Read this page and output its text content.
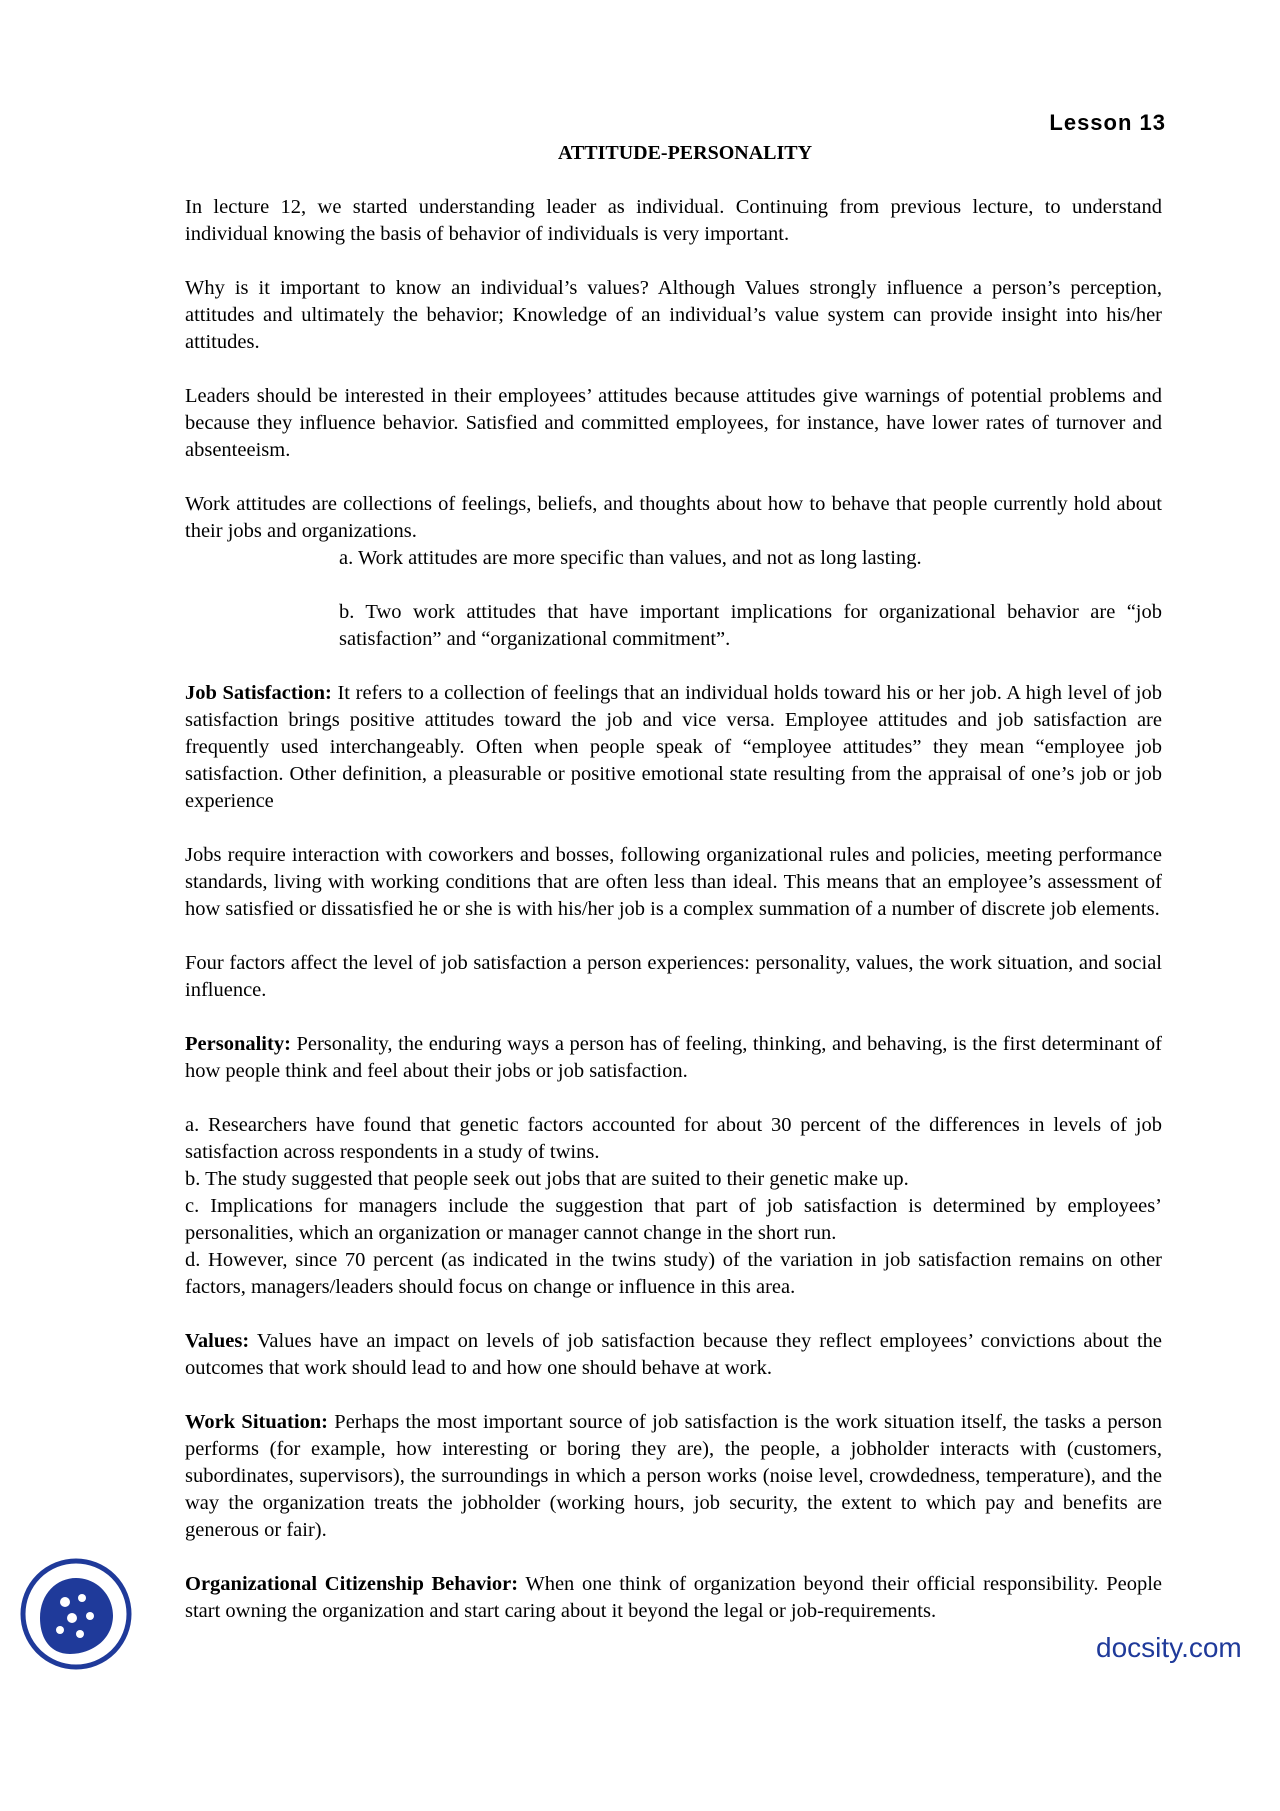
Lesson 13
ATTITUDE-PERSONALITY

In lecture 12, we started understanding leader as individual. Continuing from previous lecture, to understand individual knowing the basis of behavior of individuals is very important.

Why is it important to know an individual’s values? Although Values strongly influence a person’s perception, attitudes and ultimately the behavior; Knowledge of an individual’s value system can provide insight into his/her attitudes.

Leaders should be interested in their employees’ attitudes because attitudes give warnings of potential problems and because they influence behavior. Satisfied and committed employees, for instance, have lower rates of turnover and absenteeism.

Work attitudes are collections of feelings, beliefs, and thoughts about how to behave that people currently hold about their jobs and organizations.

a. Work attitudes are more specific than values, and not as long lasting.

b. Two work attitudes that have important implications for organizational behavior are “job satisfaction” and “organizational commitment”.

Job Satisfaction: It refers to a collection of feelings that an individual holds toward his or her job. A high level of job satisfaction brings positive attitudes toward the job and vice versa. Employee attitudes and job satisfaction are frequently used interchangeably. Often when people speak of “employee attitudes” they mean “employee job satisfaction. Other definition, a pleasurable or positive emotional state resulting from the appraisal of one’s job or job experience

Jobs require interaction with coworkers and bosses, following organizational rules and policies, meeting performance standards, living with working conditions that are often less than ideal. This means that an employee’s assessment of how satisfied or dissatisfied he or she is with his/her job is a complex summation of a number of discrete job elements.

Four factors affect the level of job satisfaction a person experiences: personality, values, the work situation, and social influence.

Personality: Personality, the enduring ways a person has of feeling, thinking, and behaving, is the first determinant of how people think and feel about their jobs or job satisfaction.

a. Researchers have found that genetic factors accounted for about 30 percent of the differences in levels of job satisfaction across respondents in a study of twins.

b. The study suggested that people seek out jobs that are suited to their genetic make up.

c. Implications for managers include the suggestion that part of job satisfaction is determined by employees’ personalities, which an organization or manager cannot change in the short run.

d. However, since 70 percent (as indicated in the twins study) of the variation in job satisfaction remains on other factors, managers/leaders should focus on change or influence in this area.

Values: Values have an impact on levels of job satisfaction because they reflect employees’ convictions about the outcomes that work should lead to and how one should behave at work.

Work Situation: Perhaps the most important source of job satisfaction is the work situation itself, the tasks a person performs (for example, how interesting or boring they are), the people, a jobholder interacts with (customers, subordinates, supervisors), the surroundings in which a person works (noise level, crowdedness, temperature), and the way the organization treats the jobholder (working hours, job security, the extent to which pay and benefits are generous or fair).

Organizational Citizenship Behavior: When one think of organization beyond their official responsibility. People start owning the organization and start caring about it beyond the legal or job-requirements.

docsity.com
